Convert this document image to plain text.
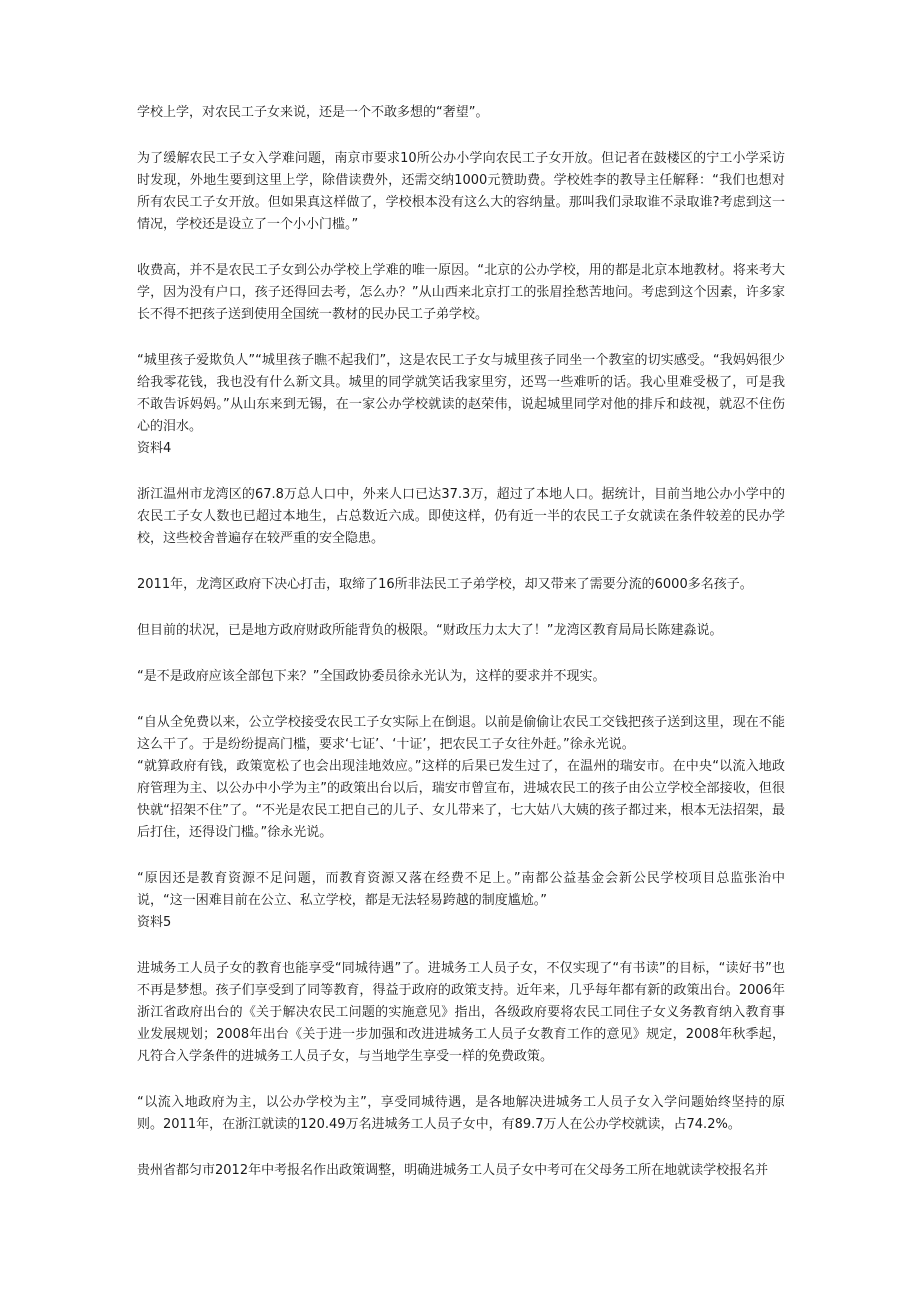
学校上学，对农民工子女来说，还是一个不敢多想的“奢望”。

为了缓解农民工子女入学难问题，南京市要求10所公办小学向农民工子女开放。但记者在鼓楼区的宁工小学采访时发现，外地生要到这里上学，除借读费外，还需交纳1000元赞助费。学校姓李的教导主任解释：“我们也想对所有农民工子女开放。但如果真这样做了，学校根本没有这么大的容纳量。那叫我们录取谁不录取谁?考虑到这一情况，学校还是设立了一个小小门槛。”

收费高，并不是农民工子女到公办学校上学难的唯一原因。“北京的公办学校，用的都是北京本地教材。将来考大学，因为没有户口，孩子还得回去考，怎么办？”从山西来北京打工的张眉拴愁苦地问。考虑到这个因素，许多家长不得不把孩子送到使用全国统一教材的民办民工子弟学校。

“城里孩子爱欺负人”“城里孩子瞧不起我们”，这是农民工子女与城里孩子同坐一个教室的切实感受。“我妈妈很少给我零花钱，我也没有什么新文具。城里的同学就笑话我家里穷，还骂一些难听的话。我心里难受极了，可是我不敢告诉妈妈。”从山东来到无锡，在一家公办学校就读的赵荣伟，说起城里同学对他的排斥和歧视，就忍不住伤心的泪水。

资料4

浙江温州市龙湾区的67.8万总人口中，外来人口已达37.3万，超过了本地人口。据统计，目前当地公办小学中的农民工子女人数也已超过本地生，占总数近六成。即使这样，仍有近一半的农民工子女就读在条件较差的民办学校，这些校舍普遍存在较严重的安全隐患。

2011年，龙湾区政府下决心打击，取缔了16所非法民工子弟学校，却又带来了需要分流的6000多名孩子。

但目前的状况，已是地方政府财政所能背负的极限。“财政压力太大了！”龙湾区教育局局长陈建淼说。

“是不是政府应该全部包下来？”全国政协委员徐永光认为，这样的要求并不现实。

“自从全免费以来，公立学校接受农民工子女实际上在倒退。以前是偷偷让农民工交钱把孩子送到这里，现在不能这么干了。于是纷纷提高门槛，要求‘七证’、‘十证’，把农民工子女往外赶。”徐永光说。

“就算政府有钱，政策宽松了也会出现洼地效应。”这样的后果已发生过了，在温州的瑞安市。在中央“以流入地政府管理为主、以公办中小学为主”的政策出台以后，瑞安市曾宣布，进城农民工的孩子由公立学校全部接收，但很快就“招架不住”了。“不光是农民工把自己的儿子、女儿带来了，七大姑八大姨的孩子都过来，根本无法招架，最后打住，还得设门槛。”徐永光说。

“原因还是教育资源不足问题，而教育资源又落在经费不足上。”南都公益基金会新公民学校项目总监张治中说，“这一困难目前在公立、私立学校，都是无法轻易跨越的制度尴尬。”

资料5

进城务工人员子女的教育也能享受“同城待遇”了。进城务工人员子女，不仅实现了“有书读”的目标，“读好书”也不再是梦想。孩子们享受到了同等教育，得益于政府的政策支持。近年来，几乎每年都有新的政策出台。2006年浙江省政府出台的《关于解决农民工问题的实施意见》指出，各级政府要将农民工同住子女义务教育纳入教育事业发展规划；2008年出台《关于进一步加强和改进进城务工人员子女教育工作的意见》规定，2008年秋季起，凡符合入学条件的进城务工人员子女，与当地学生享受一样的免费政策。

“以流入地政府为主，以公办学校为主”，享受同城待遇，是各地解决进城务工人员子女入学问题始终坚持的原则。2011年，在浙江就读的120.49万名进城务工人员子女中，有89.7万人在公办学校就读，占74.2%。

贵州省都匀市2012年中考报名作出政策调整，明确进城务工人员子女中考可在父母务工所在地就读学校报名并
